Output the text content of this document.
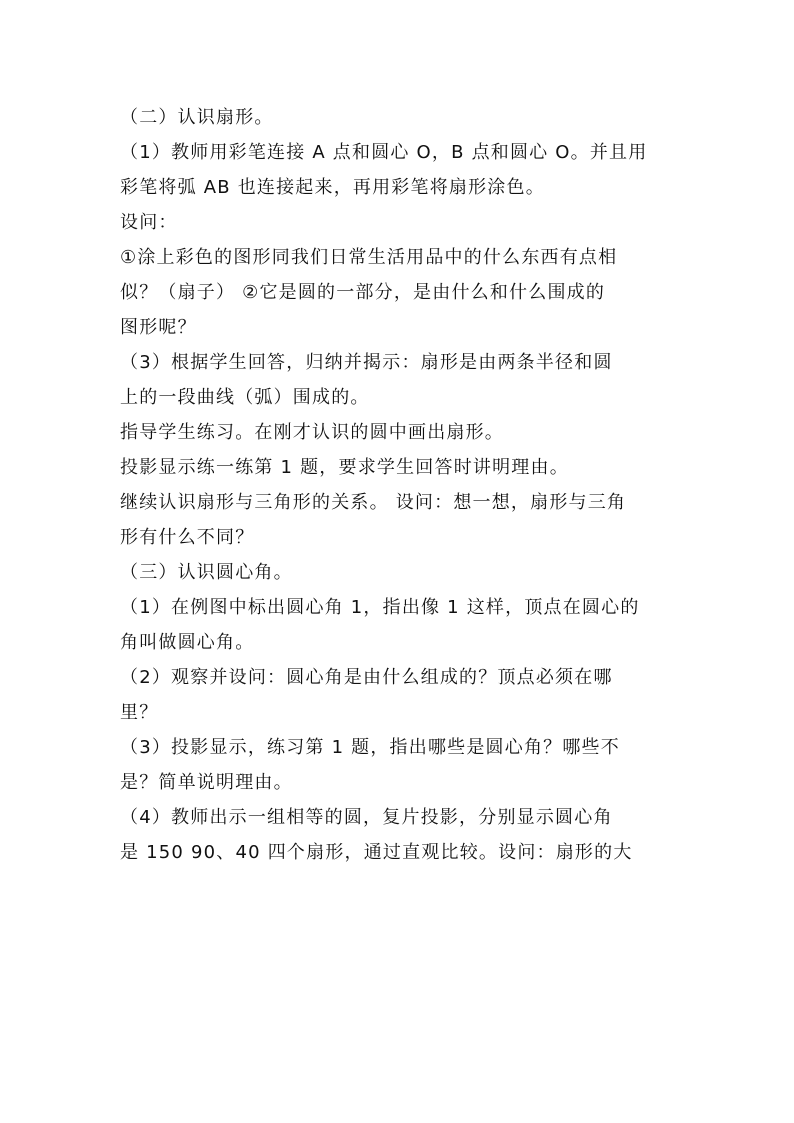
（二）认识扇形。

（1）教师用彩笔连接 A 点和圆心 O，B 点和圆心 O。并且用

彩笔将弧 AB 也连接起来，再用彩笔将扇形涂色。

设问：

①涂上彩色的图形同我们日常生活用品中的什么东西有点相

似？（扇子） ②它是圆的一部分，是由什么和什么围成的

图形呢？

（3）根据学生回答，归纳并揭示：扇形是由两条半径和圆

上的一段曲线（弧）围成的。

指导学生练习。在刚才认识的圆中画出扇形。

投影显示练一练第 1 题，要求学生回答时讲明理由。

继续认识扇形与三角形的关系。 设问：想一想，扇形与三角

形有什么不同？

（三）认识圆心角。

（1）在例图中标出圆心角 1，指出像 1 这样，顶点在圆心的

角叫做圆心角。

（2）观察并设问：圆心角是由什么组成的？顶点必须在哪

里？

（3）投影显示，练习第 1 题，指出哪些是圆心角？哪些不

是？简单说明理由。

（4）教师出示一组相等的圆，复片投影，分别显示圆心角

是 150 90、40 四个扇形，通过直观比较。设问：扇形的大
